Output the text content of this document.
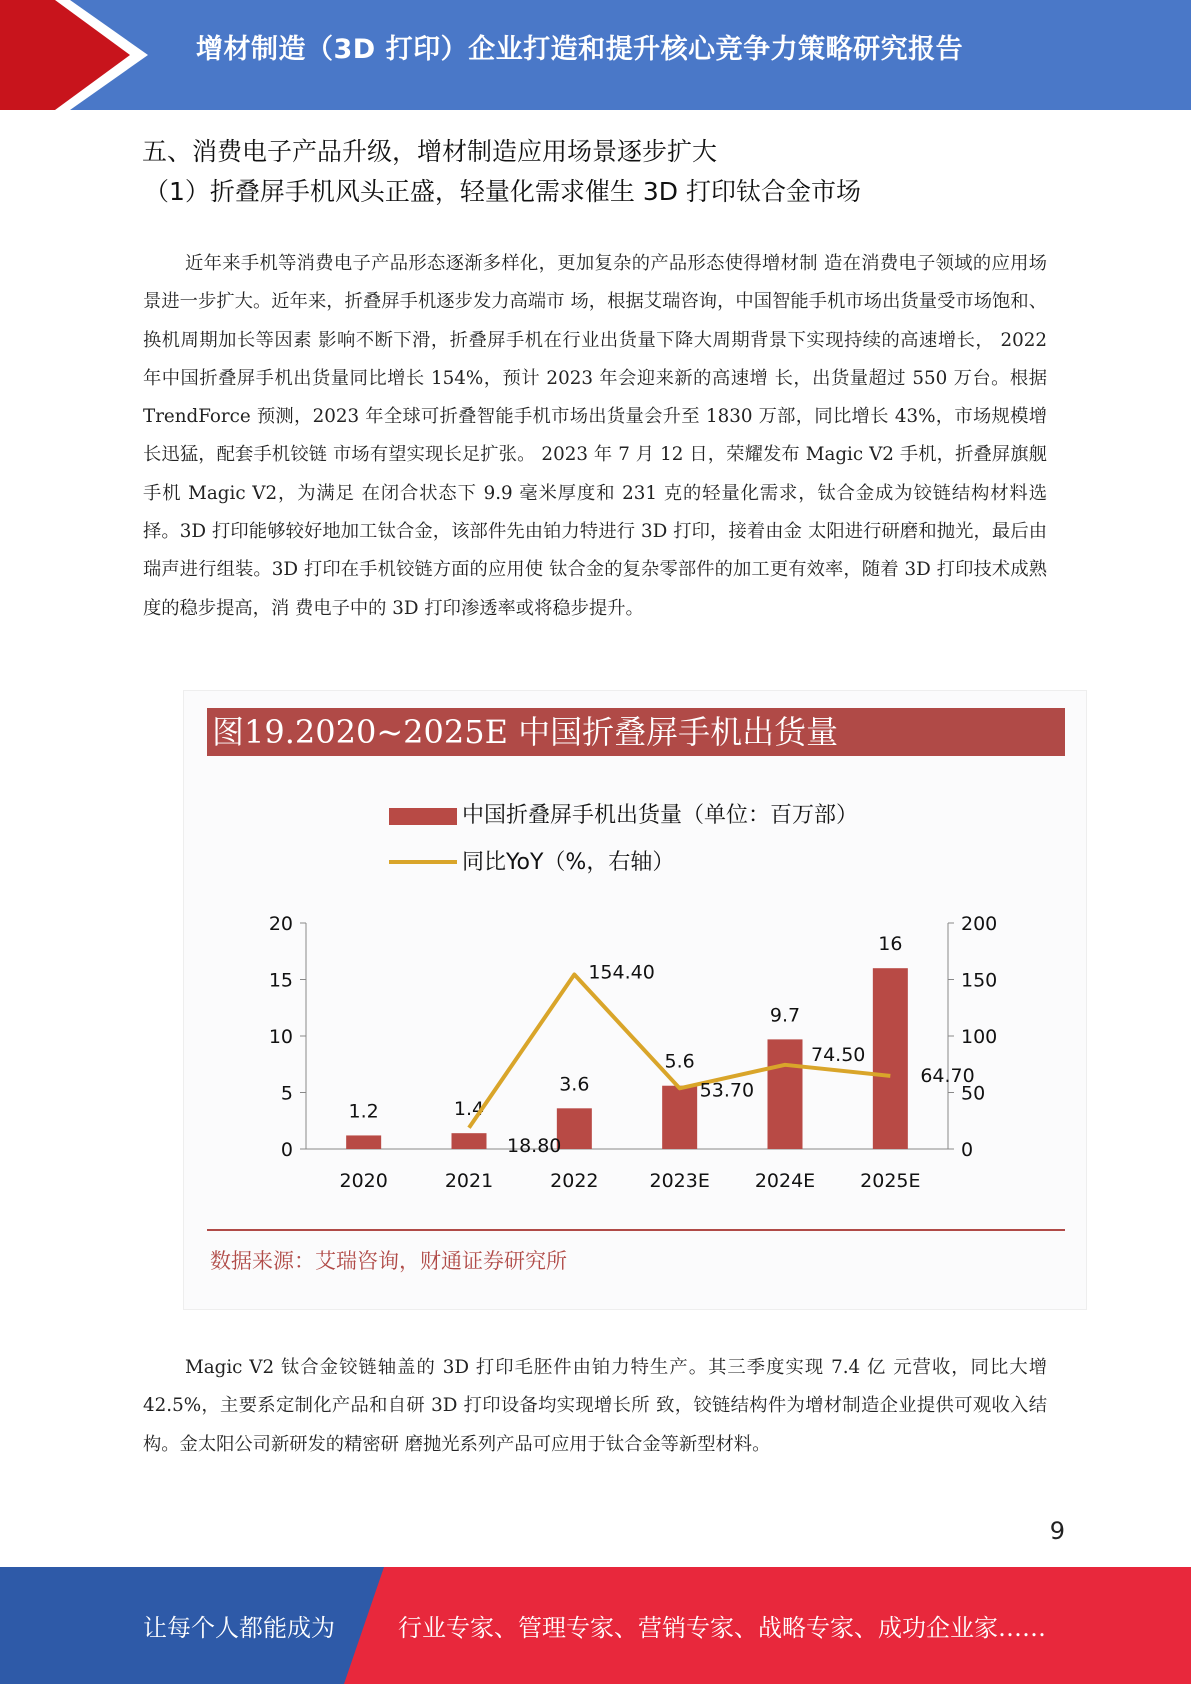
增材制造（3D 打印）企业打造和提升核心竞争力策略研究报告
五、消费电子产品升级，增材制造应用场景逐步扩大
（1）折叠屏手机风头正盛，轻量化需求催生 3D 打印钛合金市场

近年来手机等消费电子产品形态逐渐多样化，更加复杂的产品形态使得增材制 造在消费电子领域的应用场景进一步扩大。近年来，折叠屏手机逐步发力高端市 场，根据艾瑞咨询，中国智能手机市场出货量受市场饱和、换机周期加长等因素 影响不断下滑，折叠屏手机在行业出货量下降大周期背景下实现持续的高速增长， 2022 年中国折叠屏手机出货量同比增长 154%，预计 2023 年会迎来新的高速增 长，出货量超过 550 万台。根据 TrendForce 预测，2023 年全球可折叠智能手机市场出货量会升至 1830 万部，同比增长 43%，市场规模增长迅猛，配套手机铰链 市场有望实现长足扩张。 2023 年 7 月 12 日，荣耀发布 Magic V2 手机，折叠屏旗舰手机 Magic V2，为满足 在闭合状态下 9.9 毫米厚度和 231 克的轻量化需求，钛合金成为铰链结构材料选 择。3D 打印能够较好地加工钛合金，该部件先由铂力特进行 3D 打印，接着由金 太阳进行研磨和抛光，最后由瑞声进行组装。3D 打印在手机铰链方面的应用使 钛合金的复杂零部件的加工更有效率，随着 3D 打印技术成熟度的稳步提高，消 费电子中的 3D 打印渗透率或将稳步提升。

图19.2020~2025E 中国折叠屏手机出货量
中国折叠屏手机出货量（单位：百万部）
同比YoY（%，右轴）
0
5
10
15
20
0
50
100
150
200
2020	2021	2022	2023E 2024E 2025E
1.2	1.4
3.6
5.6
9.7
16
18.80
154.40
53.70
74.50
64.70
数据来源：艾瑞咨询，财通证券研究所

Magic V2 钛合金铰链轴盖的 3D 打印毛胚件由铂力特生产。其三季度实现 7.4 亿 元营收，同比大增 42.5%，主要系定制化产品和自研 3D 打印设备均实现增长所 致，铰链结构件为增材制造企业提供可观收入结构。金太阳公司新研发的精密研 磨抛光系列产品可应用于钛合金等新型材料。

9
让每个人都能成为	行业专家、管理专家、营销专家、战略专家、成功企业家……
